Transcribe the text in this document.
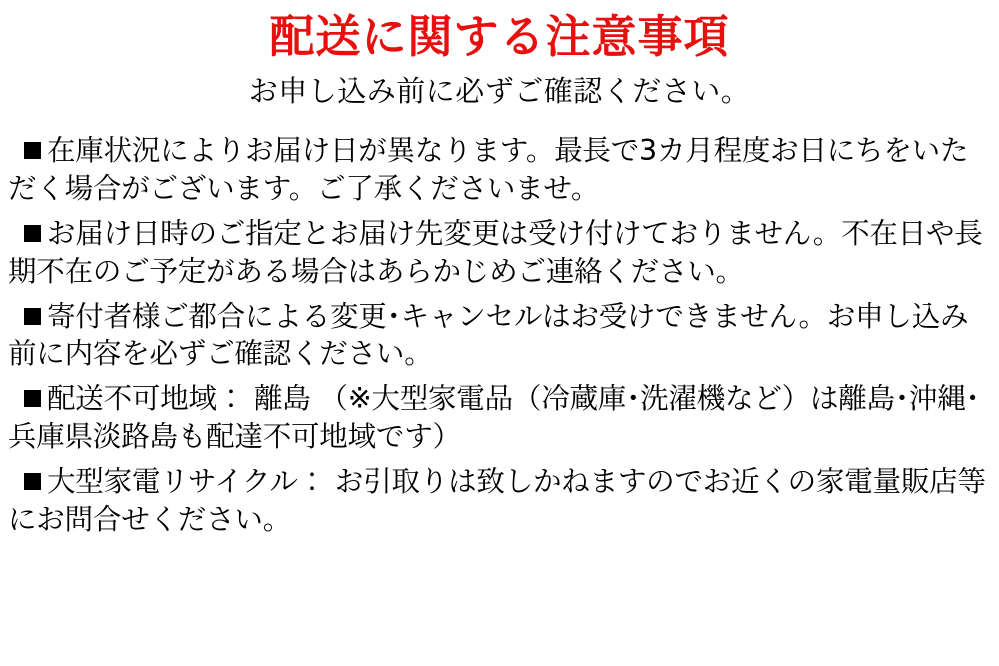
配送に関する注意事項
お申し込み前に必ずご確認ください。
在庫状況によりお届け日が異なります。最長で3カ月程度お日にちをいただく場合がございます。ご了承くださいませ。
お届け日時のご指定とお届け先変更は受け付けておりません。不在日や長期不在のご予定がある場合はあらかじめご連絡ください。
寄付者様ご都合による変更･キャンセルはお受けできません。お申し込み前に内容を必ずご確認ください。
配送不可地域： 離島 （※大型家電品（冷蔵庫･洗濯機など）は離島･沖縄･兵庫県淡路島も配達不可地域です）
大型家電リサイクル： お引取りは致しかねますのでお近くの家電量販店等にお問合せください。
